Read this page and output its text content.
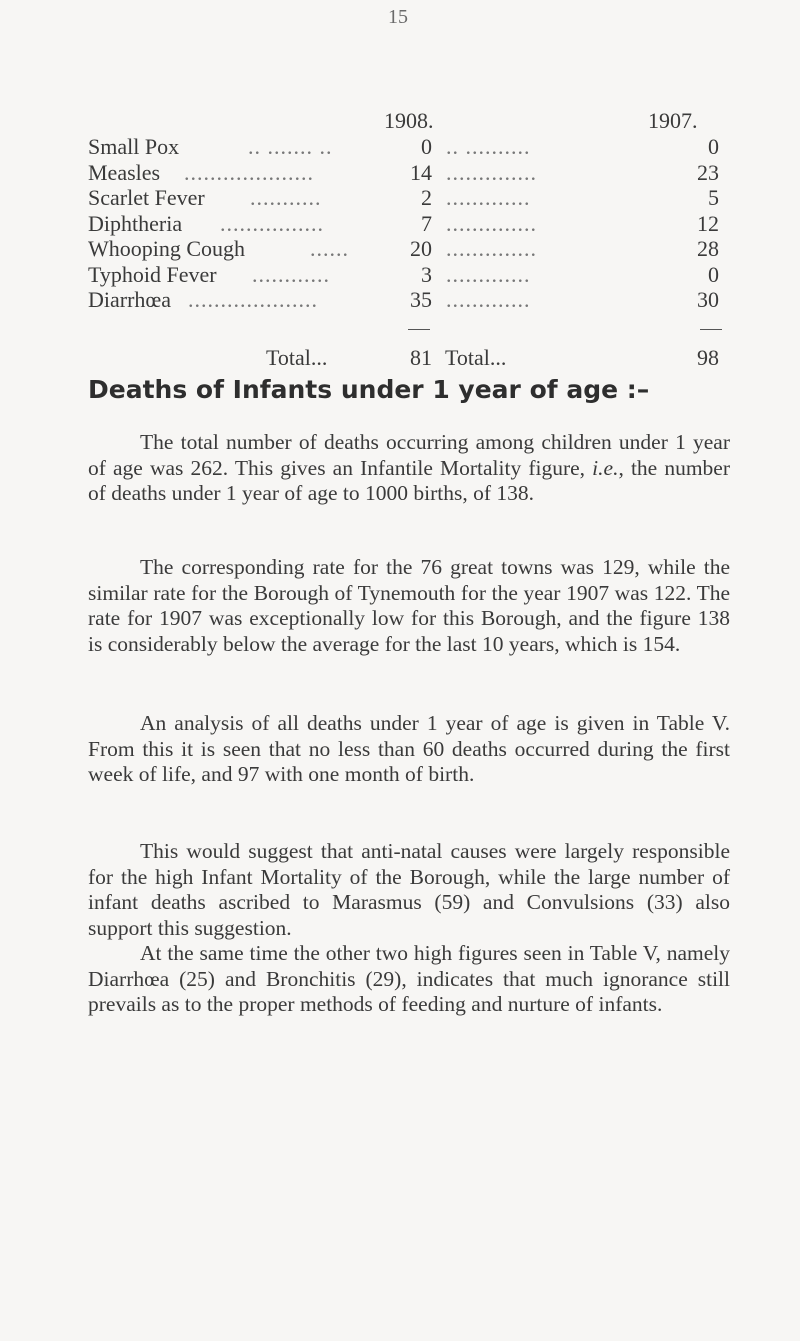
15
1908.	1907.
Small Pox	.. ....... ..	0 .. ..........	0
Measles ....................	14 ..............	23
Scarlet Fever ...........	2 .............	5
Diphtheria ................	7 ..............	12
Whooping Cough	......	20 ..............	28
Typhoid Fever ............	3 .............	0
Diarrhœa ....................	35 .............	30
Total...	81 Total...	98
Deaths of Infants under 1 year of age :–
The total number of deaths occurring among children under 1 year of age was 262. This gives an Infantile Mortality figure, i.e., the number of deaths under 1 year of age to 1000 births, of 138.
The corresponding rate for the 76 great towns was 129, while the similar rate for the Borough of Tynemouth for the year 1907 was 122. The rate for 1907 was exceptionally low for this Borough, and the figure 138 is considerably below the average for the last 10 years, which is 154.
An analysis of all deaths under 1 year of age is given in Table V. From this it is seen that no less than 60 deaths occurred during the first week of life, and 97 with one month of birth.
This would suggest that anti-natal causes were largely responsible for the high Infant Mortality of the Borough, while the large number of infant deaths ascribed to Marasmus (59) and Convulsions (33) also support this suggestion.
At the same time the other two high figures seen in Table V, namely Diarrhœa (25) and Bronchitis (29), indicates that much ignorance still prevails as to the proper methods of feeding and nurture of infants.
